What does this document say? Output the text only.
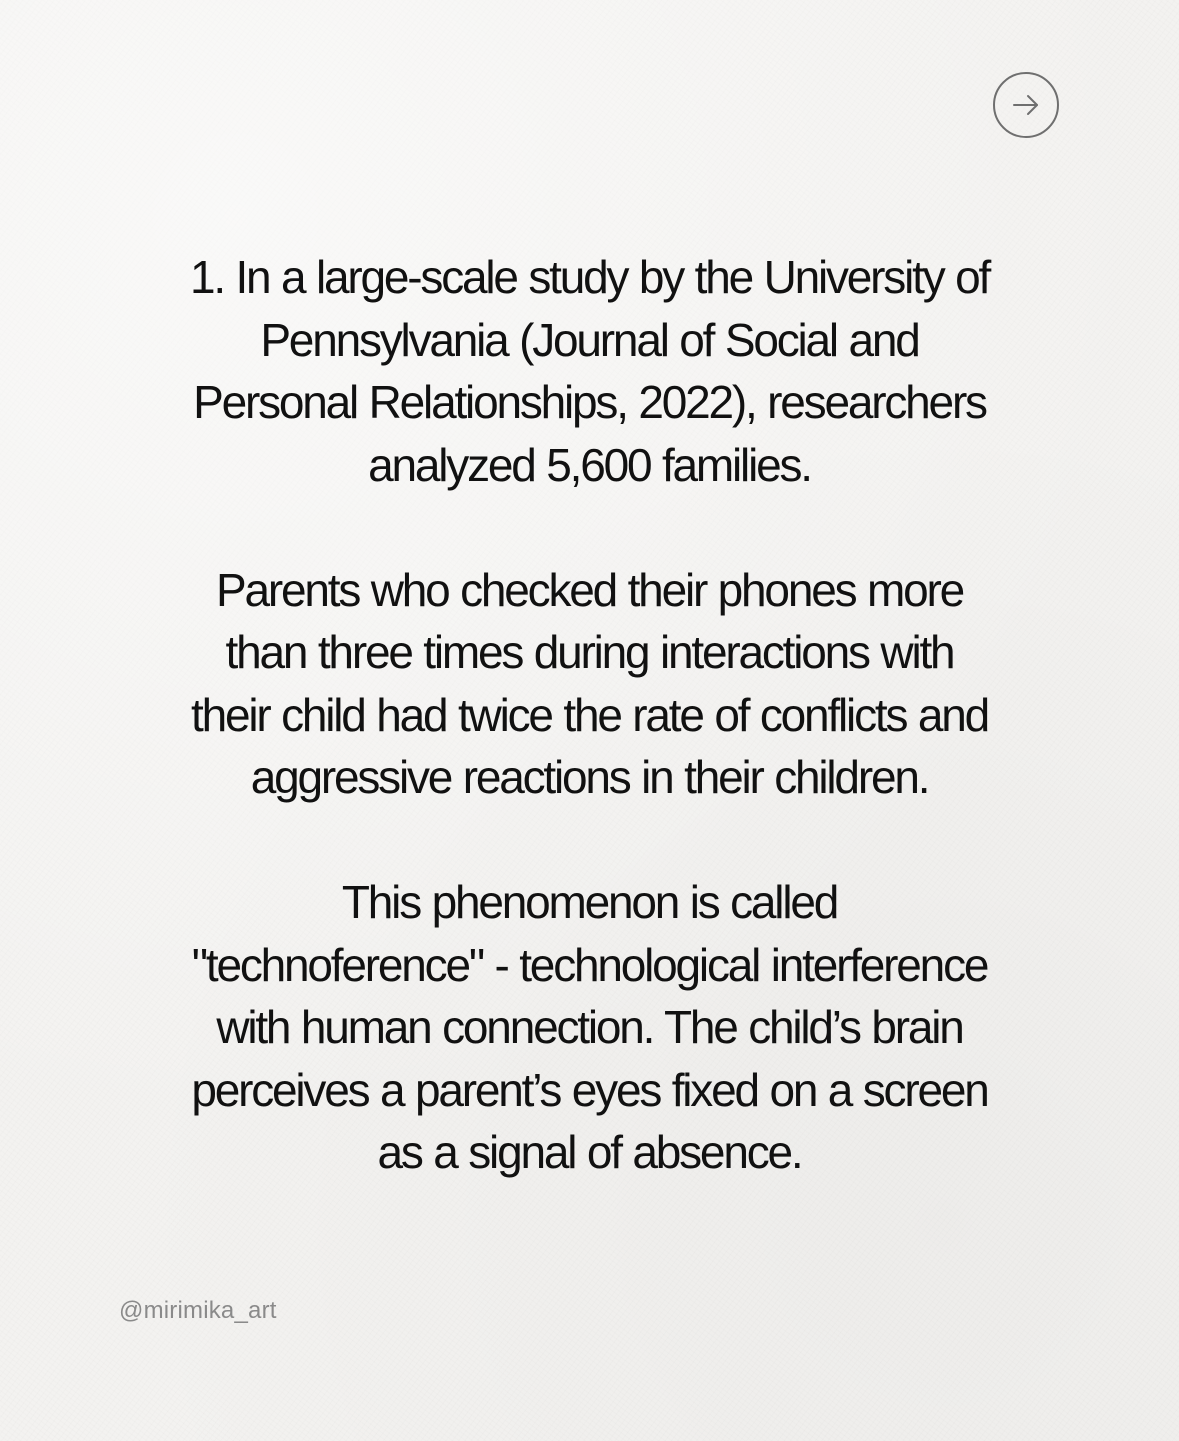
1. In a large-scale study by the University of
Pennsylvania (Journal of Social and
Personal Relationships, 2022), researchers
analyzed 5,600 families.

Parents who checked their phones more
than three times during interactions with
their child had twice the rate of conflicts and
aggressive reactions in their children.

This phenomenon is called
"technoference" - technological interference
with human connection. The child’s brain
perceives a parent’s eyes fixed on a screen
as a signal of absence.

@mirimika_art
